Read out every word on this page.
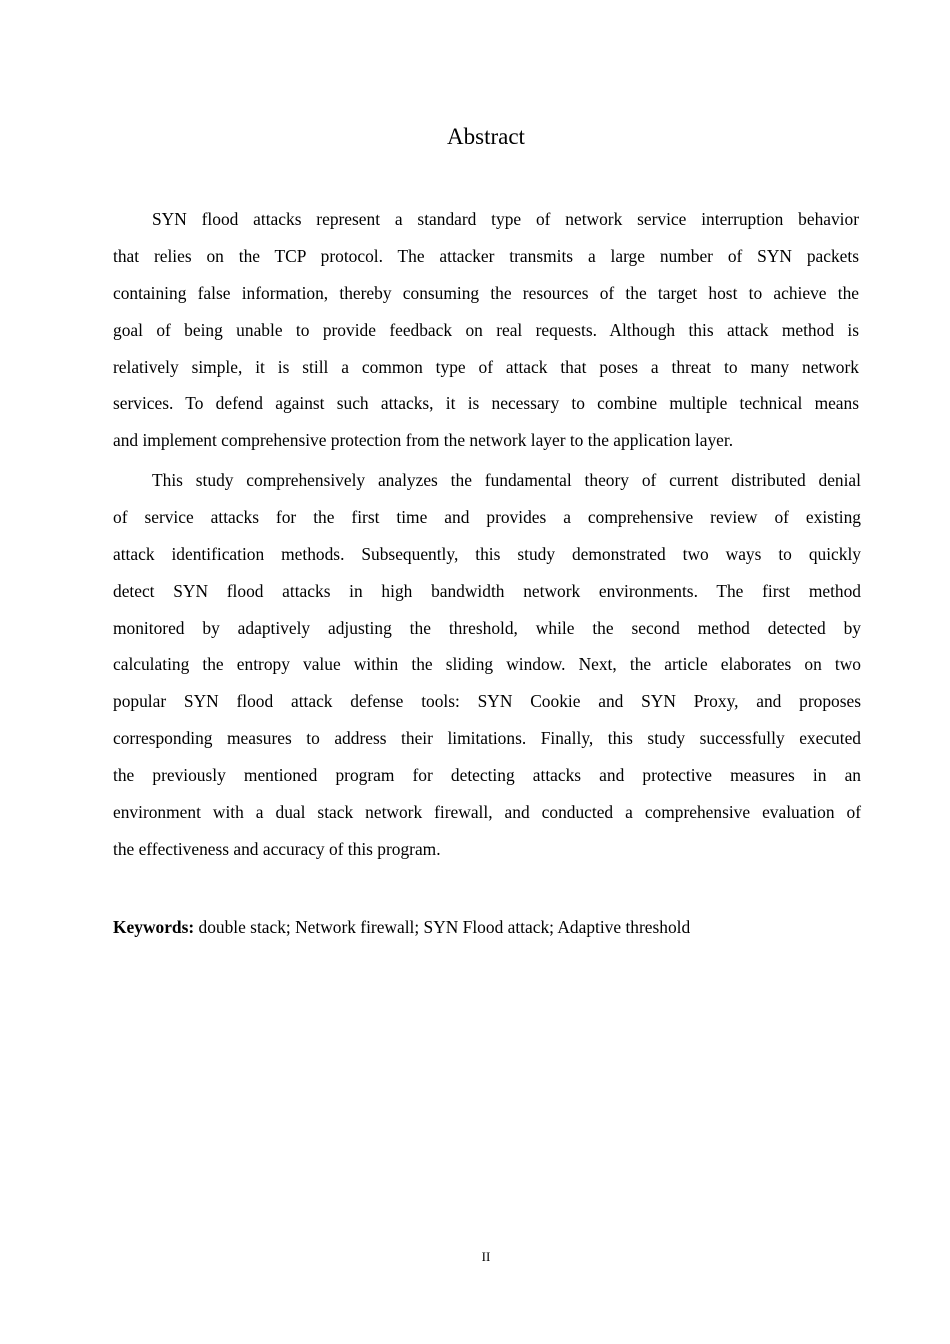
Abstract
SYN flood attacks represent a standard type of network service interruption behavior
that relies on the TCP protocol. The attacker transmits a large number of SYN packets
containing false information, thereby consuming the resources of the target host to achieve the
goal of being unable to provide feedback on real requests. Although this attack method is
relatively simple, it is still a common type of attack that poses a threat to many network
services. To defend against such attacks, it is necessary to combine multiple technical means
and implement comprehensive protection from the network layer to the application layer.
This study comprehensively analyzes the fundamental theory of current distributed denial
of service attacks for the first time and provides a comprehensive review of existing
attack identification methods. Subsequently, this study demonstrated two ways to quickly
detect SYN flood attacks in high bandwidth network environments. The first method
monitored by adaptively adjusting the threshold, while the second method detected by
calculating the entropy value within the sliding window. Next, the article elaborates on two
popular SYN flood attack defense tools: SYN Cookie and SYN Proxy, and proposes
corresponding measures to address their limitations. Finally, this study successfully executed
the previously mentioned program for detecting attacks and protective measures in an
environment with a dual stack network firewall, and conducted a comprehensive evaluation of
the effectiveness and accuracy of this program.
Keywords: double stack; Network firewall; SYN Flood attack; Adaptive threshold
II
